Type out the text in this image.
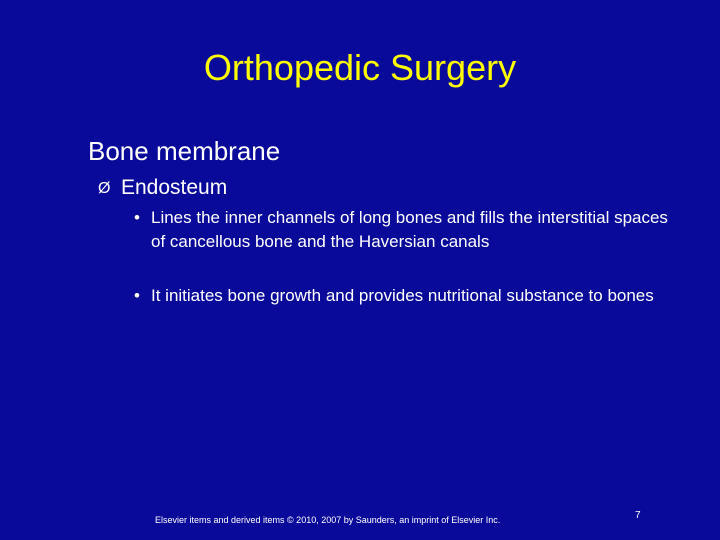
Orthopedic Surgery
Bone membrane
Ø Endosteum
• Lines the inner channels of long bones and fills the interstitial spaces of cancellous bone and the Haversian canals
• It initiates bone growth and provides nutritional substance to bones
Elsevier items and derived items © 2010, 2007 by Saunders, an imprint of Elsevier Inc.	7
